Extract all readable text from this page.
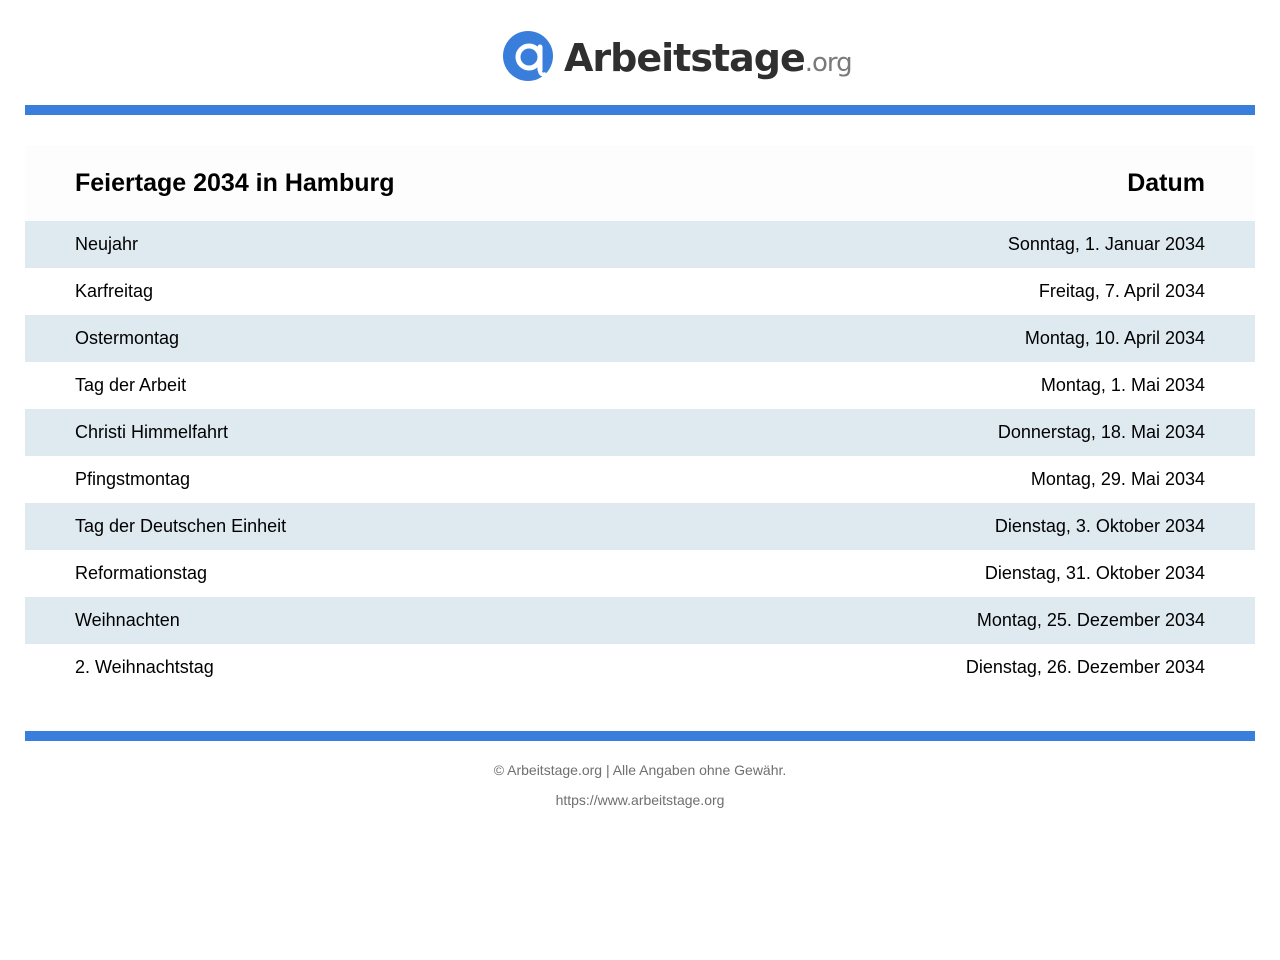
Arbeitstage.org
Feiertage 2034 in Hamburg	Datum
Neujahr	Sonntag, 1. Januar 2034
Karfreitag	Freitag, 7. April 2034
Ostermontag	Montag, 10. April 2034
Tag der Arbeit	Montag, 1. Mai 2034
Christi Himmelfahrt	Donnerstag, 18. Mai 2034
Pfingstmontag	Montag, 29. Mai 2034
Tag der Deutschen Einheit	Dienstag, 3. Oktober 2034
Reformationstag	Dienstag, 31. Oktober 2034
Weihnachten	Montag, 25. Dezember 2034
2. Weihnachtstag	Dienstag, 26. Dezember 2034
© Arbeitstage.org | Alle Angaben ohne Gewähr.
https://www.arbeitstage.org
